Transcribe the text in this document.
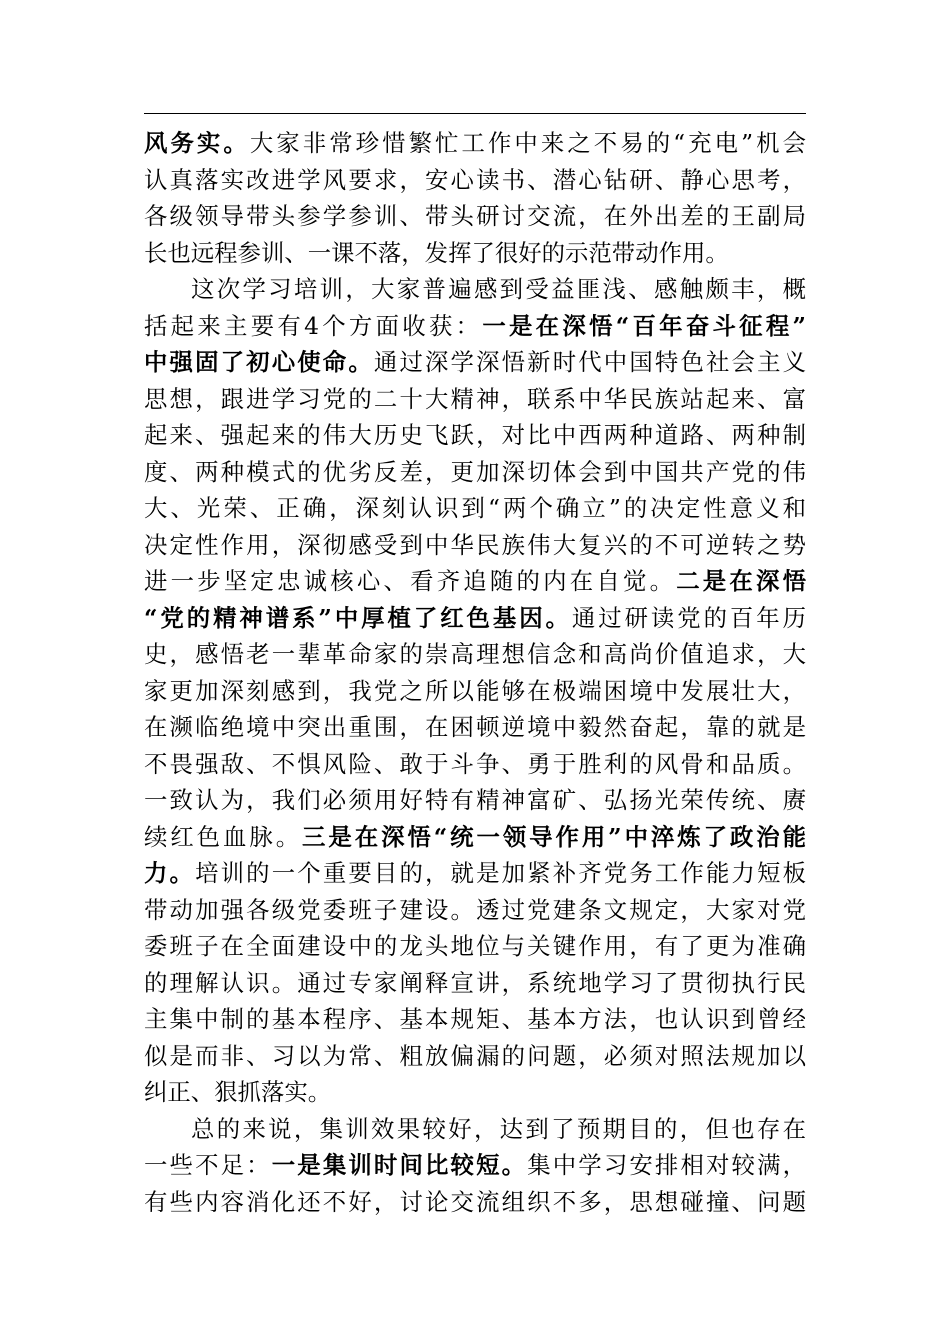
风务实。大家非常珍惜繁忙工作中来之不易的“充电”机会
认真落实改进学风要求，安心读书、潜心钻研、静心思考，
各级领导带头参学参训、带头研讨交流，在外出差的王副局
长也远程参训、一课不落，发挥了很好的示范带动作用。
这次学习培训，大家普遍感到受益匪浅、感触颇丰，概
括起来主要有4个方面收获：一是在深悟“百年奋斗征程”
中强固了初心使命。通过深学深悟新时代中国特色社会主义
思想，跟进学习党的二十大精神，联系中华民族站起来、富
起来、强起来的伟大历史飞跃，对比中西两种道路、两种制
度、两种模式的优劣反差，更加深切体会到中国共产党的伟
大、光荣、正确，深刻认识到“两个确立”的决定性意义和
决定性作用，深彻感受到中华民族伟大复兴的不可逆转之势
进一步坚定忠诚核心、看齐追随的内在自觉。二是在深悟
“党的精神谱系”中厚植了红色基因。通过研读党的百年历
史，感悟老一辈革命家的崇高理想信念和高尚价值追求，大
家更加深刻感到，我党之所以能够在极端困境中发展壮大，
在濒临绝境中突出重围，在困顿逆境中毅然奋起，靠的就是
不畏强敌、不惧风险、敢于斗争、勇于胜利的风骨和品质。
一致认为，我们必须用好特有精神富矿、弘扬光荣传统、赓
续红色血脉。三是在深悟“统一领导作用”中淬炼了政治能
力。培训的一个重要目的，就是加紧补齐党务工作能力短板
带动加强各级党委班子建设。透过党建条文规定，大家对党
委班子在全面建设中的龙头地位与关键作用，有了更为准确
的理解认识。通过专家阐释宣讲，系统地学习了贯彻执行民
主集中制的基本程序、基本规矩、基本方法，也认识到曾经
似是而非、习以为常、粗放偏漏的问题，必须对照法规加以
纠正、狠抓落实。
总的来说，集训效果较好，达到了预期目的，但也存在
一些不足：一是集训时间比较短。集中学习安排相对较满，
有些内容消化还不好，讨论交流组织不多，思想碰撞、问题
